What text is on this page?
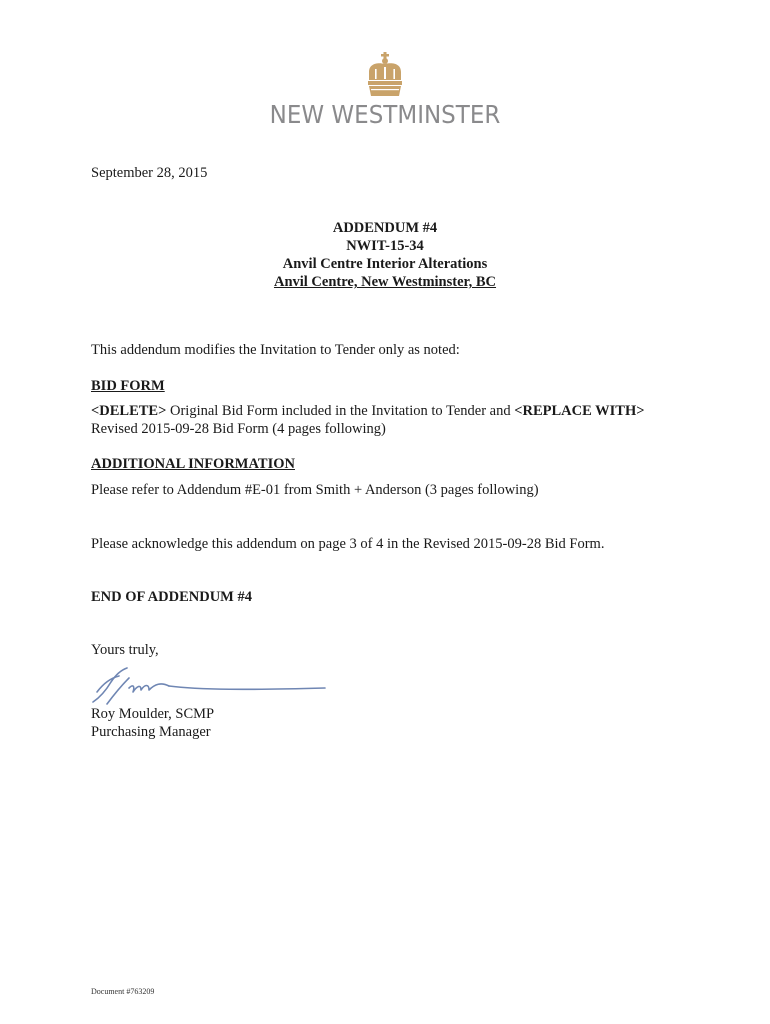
NEW WESTMINSTER
September 28, 2015
ADDENDUM #4
NWIT-15-34
Anvil Centre Interior Alterations
Anvil Centre, New Westminster, BC
This addendum modifies the Invitation to Tender only as noted:
BID FORM
<DELETE> Original Bid Form included in the Invitation to Tender and <REPLACE WITH>
Revised 2015-09-28 Bid Form (4 pages following)
ADDITIONAL INFORMATION
Please refer to Addendum #E-01 from Smith + Anderson (3 pages following)
Please acknowledge this addendum on page 3 of 4 in the Revised 2015-09-28 Bid Form.
END OF ADDENDUM #4
Yours truly,
Roy Moulder, SCMP
Purchasing Manager
Document #763209
